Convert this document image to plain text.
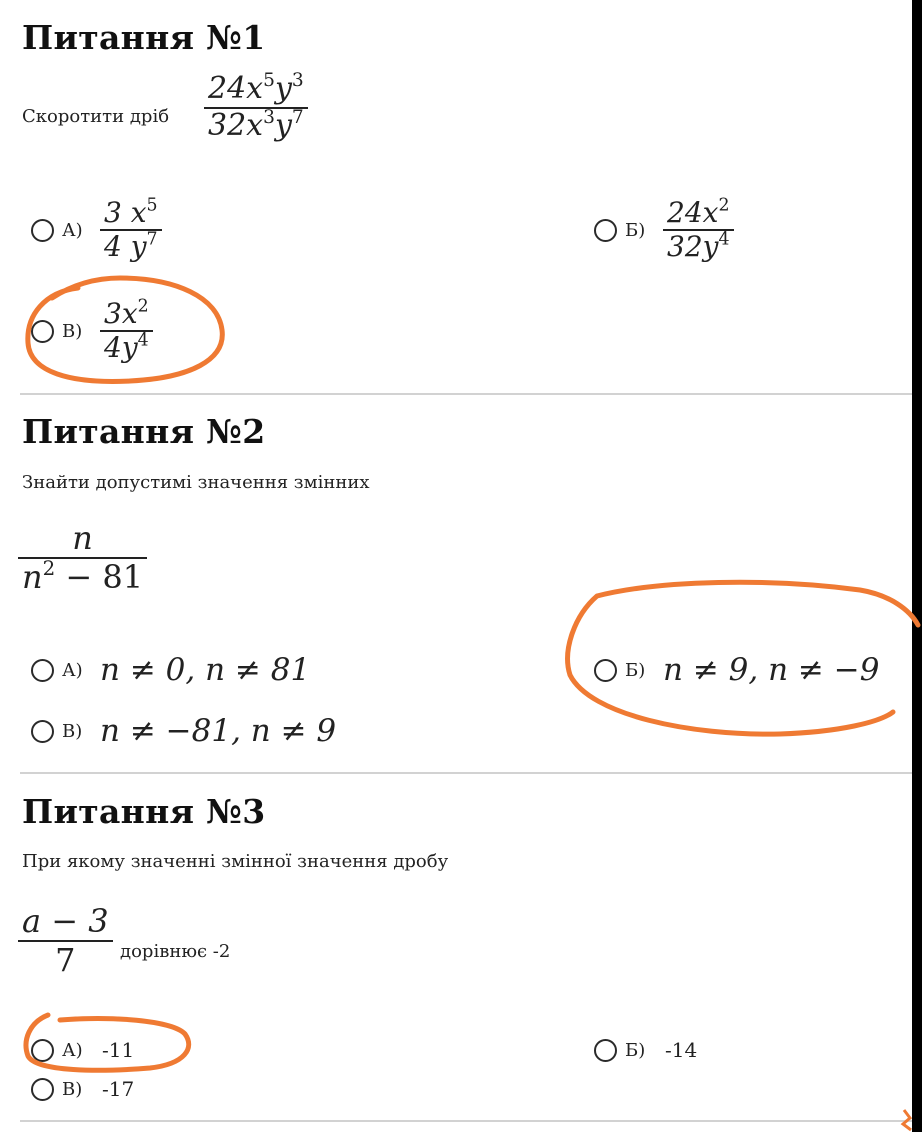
Питання №1
Скоротити дріб
$24x^5y^3$
$32x^3y^7$
$А) \frac{3 x^5}{4 y^7}$	$Б) \frac{24x^2}{32y^4}$
$В) \frac{3x^2}{4y^4}$
Питання №2
Знайти допустимі значення змінних
n
$n^2 - 81$
А) n ≠ 0, n ≠ 81	Б) n ≠ 9, n ≠ −9
В) n ≠ −81, n ≠ 9
Питання №3
При якому значенні змінної значення дробу
a − 3
7 дорівнює -2
А) -11	Б) -14
В) -17
